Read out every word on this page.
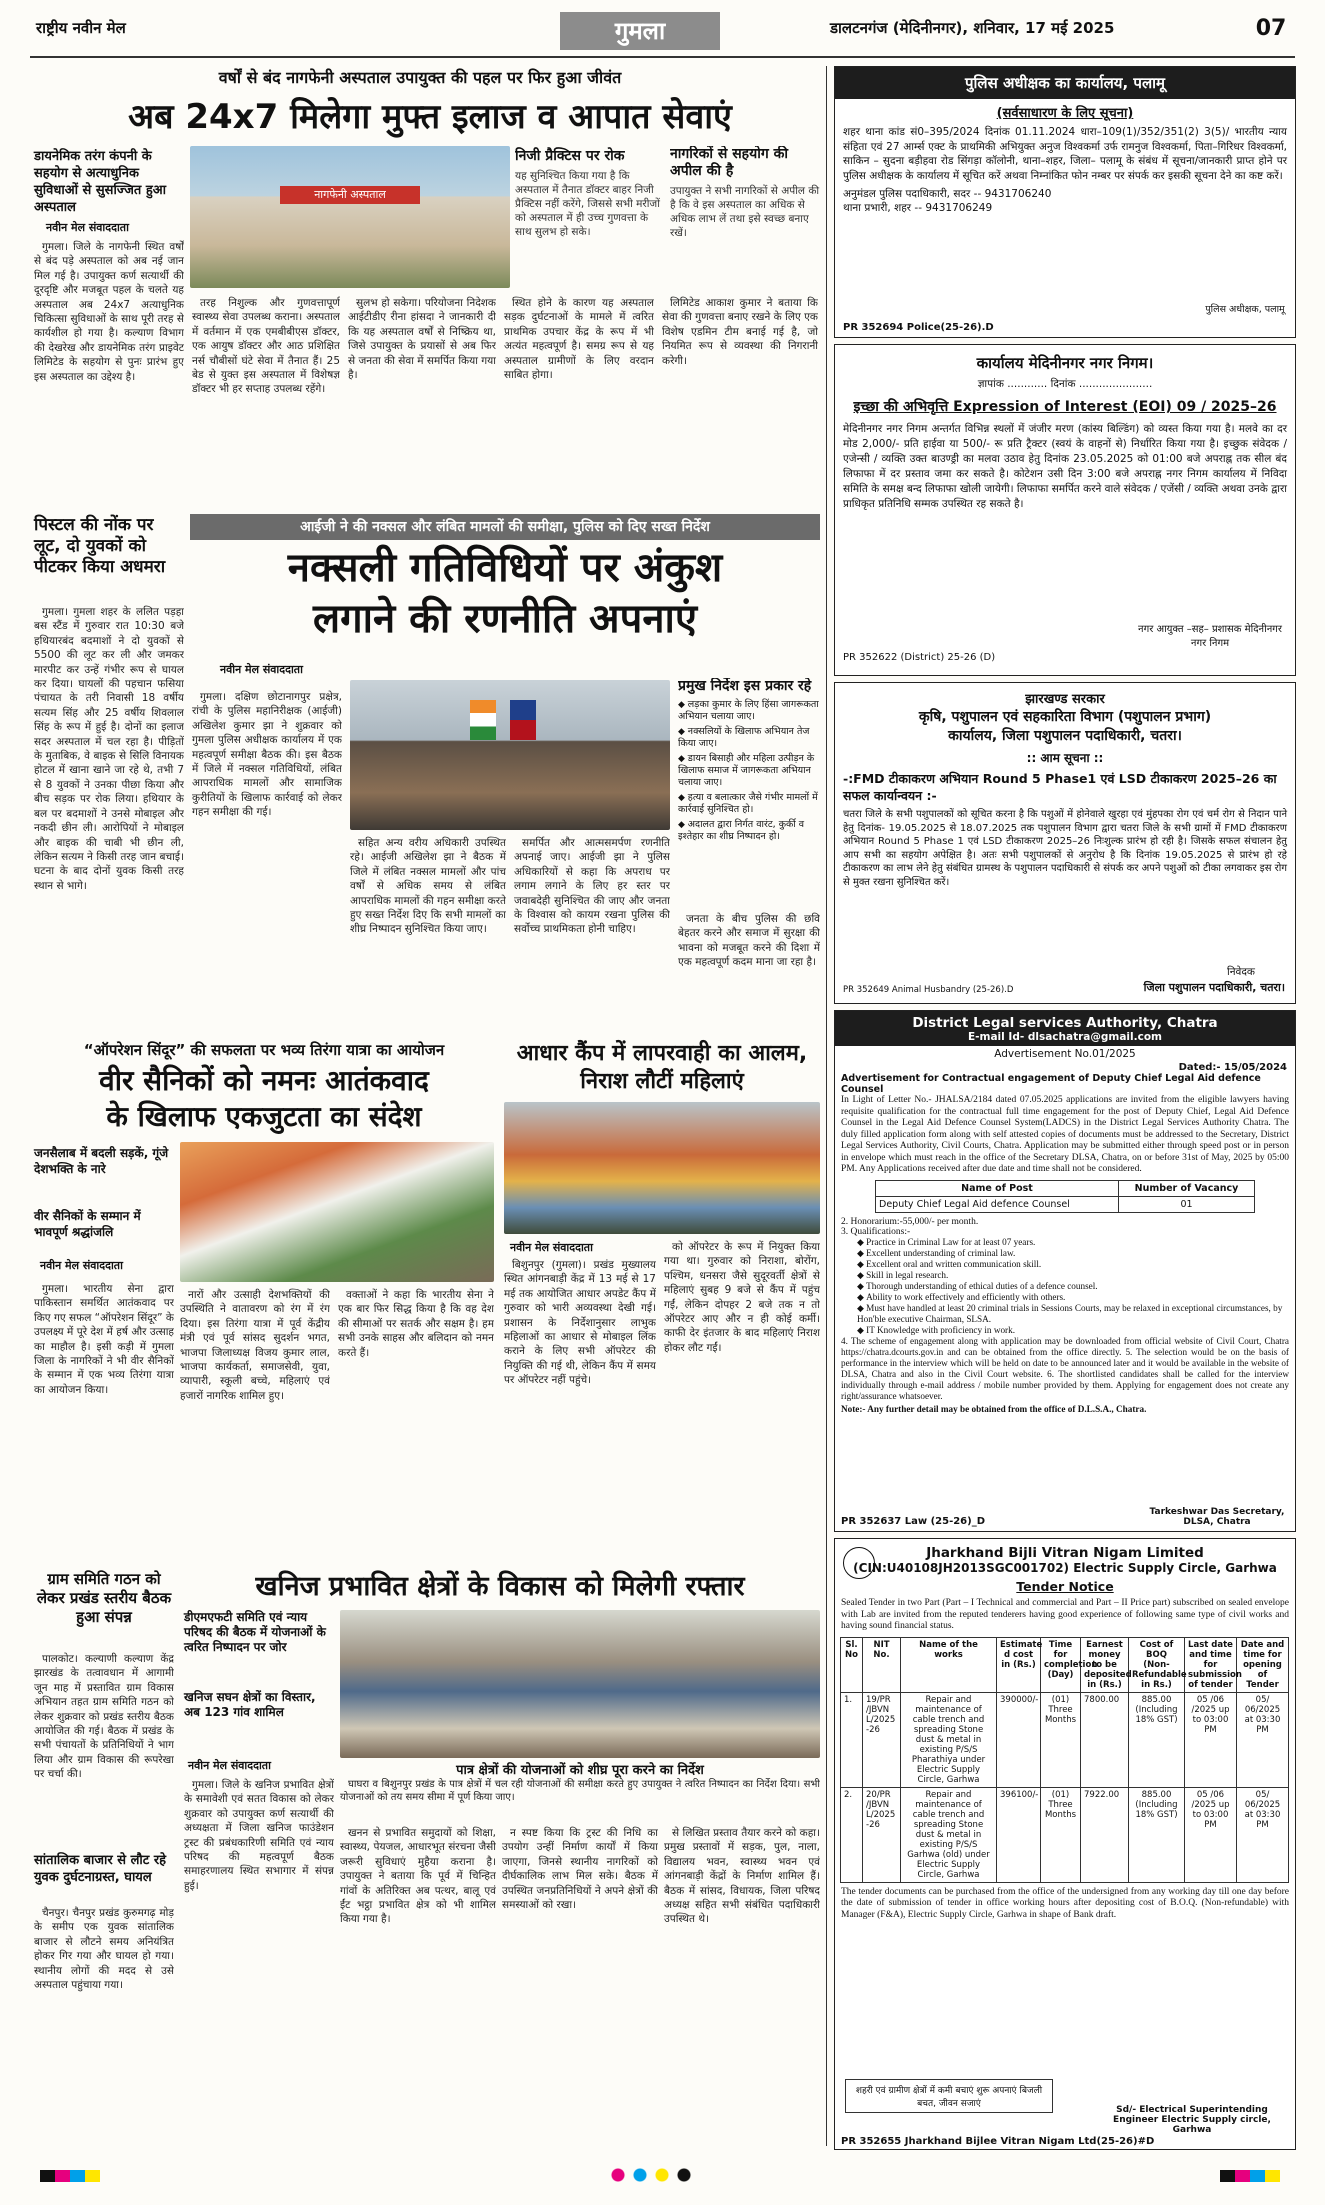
राष्ट्रीय नवीन मेल	गुमला	डालटनगंज (मेदिनीनगर), शनिवार, 17 मई 2025	07
वर्षों से बंद नागफेनी अस्पताल उपायुक्त की पहल पर फिर हुआ जीवंत
अब 24x7 मिलेगा मुफ्त इलाज व आपात सेवाएं
डायनेमिक तरंग कंपनी के सहयोग से अत्याधुनिक सुविधाओं से सुसज्जित हुआ अस्पताल
नवीन मेल संवाददाता
नागफेनी अस्पताल
निजी प्रैक्टिस पर रोक
यह सुनिश्चित किया गया है कि अस्पताल में तैनात डॉक्टर बाहर निजी प्रैक्टिस नहीं करेंगे, जिससे सभी मरीजों को अस्पताल में ही उच्च गुणवत्ता के साथ सुलभ हो सके।
नागरिकों से सहयोग की अपील की है
उपायुक्त ने सभी नागरिकों से अपील की है कि वे इस अस्पताल का अधिक से अधिक लाभ लें तथा इसे स्वच्छ बनाए रखें।

गुमला। जिले के नागफेनी स्थित वर्षों से बंद पड़े अस्पताल को अब नई जान मिल गई है। उपायुक्त कर्ण सत्यार्थी की दूरदृष्टि और मजबूत पहल के चलते यह अस्पताल अब 24x7 अत्याधुनिक चिकित्सा सुविधाओं के साथ पूरी तरह से कार्यशील हो गया है। कल्याण विभाग की देखरेख और डायनेमिक तरंग प्राइवेट लिमिटेड के सहयोग से पुनः प्रारंभ हुए इस अस्पताल का उद्देश्य है।

तरह निशुल्क और गुणवत्तापूर्ण स्वास्थ्य सेवा उपलब्ध कराना। अस्पताल में वर्तमान में एक एमबीबीएस डॉक्टर, एक आयुष डॉक्टर और आठ प्रशिक्षित नर्स चौबीसों घंटे सेवा में तैनात हैं। 25 बेड से युक्त इस अस्पताल में विशेषज्ञ डॉक्टर भी हर सप्ताह उपलब्ध रहेंगे।

सुलभ हो सकेगा। परियोजना निदेशक आईटीडीए रीना हांसदा ने जानकारी दी कि यह अस्पताल वर्षों से निष्क्रिय था, जिसे उपायुक्त के प्रयासों से अब फिर से जनता की सेवा में समर्पित किया गया है।

स्थित होने के कारण यह अस्पताल सड़क दुर्घटनाओं के मामले में त्वरित प्राथमिक उपचार केंद्र के रूप में भी अत्यंत महत्वपूर्ण है। समग्र रूप से यह अस्पताल ग्रामीणों के लिए वरदान साबित होगा।

लिमिटेड आकाश कुमार ने बताया कि सेवा की गुणवत्ता बनाए रखने के लिए एक विशेष एडमिन टीम बनाई गई है, जो नियमित रूप से व्यवस्था की निगरानी करेगी।

पिस्टल की नोंक पर लूट, दो युवकों को पीटकर किया अधमरा

गुमला। गुमला शहर के ललित पड़हा बस स्टैंड में गुरुवार रात 10:30 बजे हथियारबंद बदमाशों ने दो युवकों से 5500 की लूट कर ली और जमकर मारपीट कर उन्हें गंभीर रूप से घायल कर दिया। घायलों की पहचान फसिया पंचायत के तरी निवासी 18 वर्षीय सत्यम सिंह और 25 वर्षीय शिवलाल सिंह के रूप में हुई है। दोनों का इलाज सदर अस्पताल में चल रहा है। पीड़ितों के मुताबिक, वे बाइक से सिलि विनायक होटल में खाना खाने जा रहे थे, तभी 7 से 8 युवकों ने उनका पीछा किया और बीच सड़क पर रोक लिया। हथियार के बल पर बदमाशों ने उनसे मोबाइल और नकदी छीन ली। आरोपियों ने मोबाइल और बाइक की चाबी भी छीन ली, लेकिन सत्यम ने किसी तरह जान बचाई। घटना के बाद दोनों युवक किसी तरह स्थान से भागे।

आईजी ने की नक्सल और लंबित मामलों की समीक्षा, पुलिस को दिए सख्त निर्देश
नक्सली गतिविधियों पर अंकुश
लगाने की रणनीति अपनाएं
नवीन मेल संवाददाता

गुमला। दक्षिण छोटानागपुर प्रक्षेत्र, रांची के पुलिस महानिरीक्षक (आईजी) अखिलेश कुमार झा ने शुक्रवार को गुमला पुलिस अधीक्षक कार्यालय में एक महत्वपूर्ण समीक्षा बैठक की। इस बैठक में जिले में नक्सल गतिविधियों, लंबित आपराधिक मामलों और सामाजिक कुरीतियों के खिलाफ कार्रवाई को लेकर गहन समीक्षा की गई।

सहित अन्य वरीय अधिकारी उपस्थित रहे। आईजी अखिलेश झा ने बैठक में जिले में लंबित नक्सल मामलों और पांच वर्षों से अधिक समय से लंबित आपराधिक मामलों की गहन समीक्षा करते हुए सख्त निर्देश दिए कि सभी मामलों का शीघ्र निष्पादन सुनिश्चित किया जाए।

समर्पित और आत्मसमर्पण रणनीति अपनाई जाए। आईजी झा ने पुलिस अधिकारियों से कहा कि अपराध पर लगाम लगाने के लिए हर स्तर पर जवाबदेही सुनिश्चित की जाए और जनता के विश्वास को कायम रखना पुलिस की सर्वोच्च प्राथमिकता होनी चाहिए।

प्रमुख निर्देश इस प्रकार रहे
◆ लड़का कुमार के लिए हिंसा जागरूकता अभियान चलाया जाए।
◆ नक्सलियों के खिलाफ अभियान तेज किया जाए।
◆ डायन बिसाही और महिला उत्पीड़न के खिलाफ समाज में जागरूकता अभियान चलाया जाए।
◆ हत्या व बलात्कार जैसे गंभीर मामलों में कार्रवाई सुनिश्चित हो।
◆ अदालत द्वारा निर्गत वारंट, कुर्की व इश्तेहार का शीघ्र निष्पादन हो।

जनता के बीच पुलिस की छवि बेहतर करने और समाज में सुरक्षा की भावना को मजबूत करने की दिशा में एक महत्वपूर्ण कदम माना जा रहा है।

“ऑपरेशन सिंदूर” की सफलता पर भव्य तिरंगा यात्रा का आयोजन
वीर सैनिकों को नमनः आतंकवाद
के खिलाफ एकजुटता का संदेश
जनसैलाब में बदली सड़कें, गूंजे देशभक्ति के नारे
वीर सैनिकों के सम्मान में भावपूर्ण श्रद्धांजलि
नवीन मेल संवाददाता

गुमला। भारतीय सेना द्वारा पाकिस्तान समर्थित आतंकवाद पर किए गए सफल “ऑपरेशन सिंदूर” के उपलक्ष्य में पूरे देश में हर्ष और उत्साह का माहौल है। इसी कड़ी में गुमला जिला के नागरिकों ने भी वीर सैनिकों के सम्मान में एक भव्य तिरंगा यात्रा का आयोजन किया।

नारों और उत्साही देशभक्तियों की उपस्थिति ने वातावरण को रंग में रंग दिया। इस तिरंगा यात्रा में पूर्व केंद्रीय मंत्री एवं पूर्व सांसद सुदर्शन भगत, भाजपा जिलाध्यक्ष विजय कुमार लाल, भाजपा कार्यकर्ता, समाजसेवी, युवा, व्यापारी, स्कूली बच्चे, महिलाएं एवं हजारों नागरिक शामिल हुए।

वक्ताओं ने कहा कि भारतीय सेना ने एक बार फिर सिद्ध किया है कि वह देश की सीमाओं पर सतर्क और सक्षम है। हम सभी उनके साहस और बलिदान को नमन करते हैं।

आधार कैंप में लापरवाही का आलम, निराश लौटीं महिलाएं
नवीन मेल संवाददाता

बिशुनपुर (गुमला)। प्रखंड मुख्यालय स्थित आंगनबाड़ी केंद्र में 13 मई से 17 मई तक आयोजित आधार अपडेट कैंप में गुरुवार को भारी अव्यवस्था देखी गई। प्रशासन के निर्देशानुसार लाभुक महिलाओं का आधार से मोबाइल लिंक कराने के लिए सभी ऑपरेटर की नियुक्ति की गई थी, लेकिन कैंप में समय पर ऑपरेटर नहीं पहुंचे।

को ऑपरेटर के रूप में नियुक्त किया गया था। गुरुवार को निराशा, बोरोंग, पश्चिम, धनसरा जैसे सुदूरवर्ती क्षेत्रों से महिलाएं सुबह 9 बजे से कैंप में पहुंच गईं, लेकिन दोपहर 2 बजे तक न तो ऑपरेटर आए और न ही कोई कर्मी। काफी देर इंतजार के बाद महिलाएं निराश होकर लौट गईं।

ग्राम समिति गठन को लेकर प्रखंड स्तरीय बैठक हुआ संपन्न

पालकोट। कल्याणी कल्याण केंद्र झारखंड के तत्वावधान में आगामी जून माह में प्रस्तावित ग्राम विकास अभियान तहत ग्राम समिति गठन को लेकर शुक्रवार को प्रखंड स्तरीय बैठक आयोजित की गई। बैठक में प्रखंड के सभी पंचायतों के प्रतिनिधियों ने भाग लिया और ग्राम विकास की रूपरेखा पर चर्चा की।

सांतालिक बाजार से लौट रहे युवक दुर्घटनाग्रस्त, घायल

चैनपुर। चैनपुर प्रखंड कुरुमगढ़ मोड़ के समीप एक युवक सांतालिक बाजार से लौटने समय अनियंत्रित होकर गिर गया और घायल हो गया। स्थानीय लोगों की मदद से उसे अस्पताल पहुंचाया गया।

खनिज प्रभावित क्षेत्रों के विकास को मिलेगी रफ्तार
डीएमएफटी समिति एवं न्याय परिषद की बैठक में योजनाओं के त्वरित निष्पादन पर जोर
खनिज सघन क्षेत्रों का विस्तार, अब 123 गांव शामिल
नवीन मेल संवाददाता	पात्र क्षेत्रों की योजनाओं को शीघ्र पूरा करने का निर्देश

घाघरा व बिशुनपुर प्रखंड के पात्र क्षेत्रों में चल रही योजनाओं की समीक्षा करते हुए उपायुक्त ने त्वरित निष्पादन का निर्देश दिया। सभी योजनाओं को तय समय सीमा में पूर्ण किया जाए।

गुमला। जिले के खनिज प्रभावित क्षेत्रों के समावेशी एवं सतत विकास को लेकर शुक्रवार को उपायुक्त कर्ण सत्यार्थी की अध्यक्षता में जिला खनिज फाउंडेशन ट्रस्ट की प्रबंधकारिणी समिति एवं न्याय परिषद की महत्वपूर्ण बैठक समाहरणालय स्थित सभागार में संपन्न हुई।

खनन से प्रभावित समुदायों को शिक्षा, स्वास्थ्य, पेयजल, आधारभूत संरचना जैसी जरूरी सुविधाएं मुहैया कराना है। उपायुक्त ने बताया कि पूर्व में चिन्हित गांवों के अतिरिक्त अब पत्थर, बालू एवं ईंट भट्ठा प्रभावित क्षेत्र को भी शामिल किया गया है।

न स्पष्ट किया कि ट्रस्ट की निधि का उपयोग उन्हीं निर्माण कार्यों में किया जाएगा, जिनसे स्थानीय नागरिकों को दीर्घकालिक लाभ मिल सके। बैठक में उपस्थित जनप्रतिनिधियों ने अपने क्षेत्रों की समस्याओं को रखा।

से लिखित प्रस्ताव तैयार करने को कहा। प्रमुख प्रस्तावों में सड़क, पुल, नाला, विद्यालय भवन, स्वास्थ्य भवन एवं आंगनबाड़ी केंद्रों के निर्माण शामिल हैं। बैठक में सांसद, विधायक, जिला परिषद अध्यक्ष सहित सभी संबंधित पदाधिकारी उपस्थित थे।

पुलिस अधीक्षक का कार्यालय, पलामू
(सर्वसाधारण के लिए सूचना)
शहर थाना कांड सं0–395/2024 दिनांक 01.11.2024 धारा–109(1)/352/351(2) 3(5)/ भारतीय न्याय संहिता एवं 27 आर्म्स एक्ट के प्राथमिकी अभियुक्त अनुज विश्वकर्मा उर्फ रामनुज विश्वकर्मा, पिता–गिरिधर विश्वकर्मा, साकिन – सुदना बड़ीहवा रोड सिंगड़ा कॉलोनी, थाना–शहर, जिला– पलामू के संबंध में सूचना/जानकारी प्राप्त होने पर पुलिस अधीक्षक के कार्यालय में सूचित करें अथवा निम्नांकित फोन नम्बर पर संपर्क कर इसकी सूचना देने का कष्ट करें।
अनुमंडल पुलिस पदाधिकारी, सदर -- 9431706240
थाना प्रभारी, शहर -- 9431706249
पुलिस अधीक्षक, पलामू
PR 352694 Police(25-26).D
कार्यालय मेदिनीनगर नगर निगम।
ज्ञापांक ............ दिनांक ......................
इच्छा की अभिवृत्ति Expression of Interest (EOI) 09 / 2025–26
मेदिनीनगर नगर निगम अन्तर्गत विभिन्न स्थलों में जंजीर मरण (कांस्य बिल्डिंग) को व्यस्त किया गया है। मलवे का दर मोड 2,000/- प्रति हाईवा या 500/- रू प्रति ट्रैक्टर (स्वयं के वाहनों से) निर्धारित किया गया है। इच्छुक संवेदक / एजेन्सी / व्यक्ति उक्त बाउण्ड्री का मलवा उठाव हेतु दिनांक 23.05.2025 को 01:00 बजे अपराह्न तक सील बंद लिफाफा में दर प्रस्ताव जमा कर सकते है। कोटेशन उसी दिन 3:00 बजे अपराह्न नगर निगम कार्यालय में निविदा समिति के समक्ष बन्द लिफाफा खोली जायेगी। लिफाफा समर्पित करने वाले संवेदक / एजेंसी / व्यक्ति अथवा उनके द्वारा प्राधिकृत प्रतिनिधि सम्मक उपस्थित रह सकते है।
नगर आयुक्त –सह– प्रशासक मेदिनीनगर नगर निगम
PR 352622 (District) 25-26 (D)
झारखण्ड सरकार
कृषि, पशुपालन एवं सहकारिता विभाग (पशुपालन प्रभाग)
कार्यालय, जिला पशुपालन पदाधिकारी, चतरा।
:: आम सूचना ::
-:FMD टीकाकरण अभियान Round 5 Phase1 एवं LSD टीकाकरण 2025–26 का सफल कार्यान्वयन :-
चतरा जिले के सभी पशुपालकों को सूचित करना है कि पशुओं में होनेवाले खुरहा एवं मुंहपका रोग एवं चर्म रोग से निदान पाने हेतु दिनांक- 19.05.2025 से 18.07.2025 तक पशुपालन विभाग द्वारा चतरा जिले के सभी ग्रामों में FMD टीकाकरण अभियान Round 5 Phase 1 एवं LSD टीकाकरण 2025–26 निःशुल्क प्रारंभ हो रही है। जिसके सफल संचालन हेतु आप सभी का सहयोग अपेक्षित है। अतः सभी पशुपालकों से अनुरोध है कि दिनांक 19.05.2025 से प्रारंभ हो रहे टीकाकरण का लाभ लेने हेतु संबंधित ग्रामस्थ के पशुपालन पदाधिकारी से संपर्क कर अपने पशुओं को टीका लगवाकर इस रोग से मुक्त रखना सुनिश्चित करें।
निवेदक
जिला पशुपालन पदाधिकारी, चतरा।
PR 352649 Animal Husbandry (25-26).D
District Legal services Authority, Chatra
E-mail Id- dlsachatra@gmail.com
Advertisement No.01/2025
Dated:- 15/05/2024
Advertisement for Contractual engagement of Deputy Chief Legal Aid defence Counsel
In Light of Letter No.- JHALSA/2184 dated 07.05.2025 applications are invited from the eligible lawyers having requisite qualification for the contractual full time engagement for the post of Deputy Chief, Legal Aid Defence Counsel in the Legal Aid Defence Counsel System(LADCS) in the District Legal Services Authority Chatra. The duly filled application form along with self attested copies of documents must be addressed to the Secretary, District Legal Services Authority, Civil Courts, Chatra. Application may be submitted either through speed post or in person in envelope which must reach in the office of the Secretary DLSA, Chatra, on or before 31st of May, 2025 by 05:00 PM. Any Applications received after due date and time shall not be considered.
Name of Post	Number of Vacancy
Deputy Chief Legal Aid defence Counsel	01
2. Honorarium:-55,000/- per month.
3. Qualifications:-
◆ Practice in Criminal Law for at least 07 years.
◆ Excellent understanding of criminal law.
◆ Excellent oral and written communication skill.
◆ Skill in legal research.
◆ Thorough understanding of ethical duties of a defence counsel.
◆ Ability to work effectively and efficiently with others.
◆ Must have handled at least 20 criminal trials in Sessions Courts, may be relaxed in exceptional circumstances, by Hon'ble executive Chairman, SLSA.
◆ IT Knowledge with proficiency in work.
4. The scheme of engagement along with application may be downloaded from official website of Civil Court, Chatra https://chatra.dcourts.gov.in and can be obtained from the office directly. 5. The selection would be on the basis of performance in the interview which will be held on date to be announced later and it would be available in the website of DLSA, Chatra and also in the Civil Court website. 6. The shortlisted candidates shall be called for the interview individually through e-mail address / mobile number provided by them. Applying for engagement does not create any right/assurance whatsoever.
Note:- Any further detail may be obtained from the office of D.L.S.A., Chatra.
Tarkeshwar Das Secretary, DLSA, Chatra
PR 352637 Law (25-26)_D
Jharkhand Bijli Vitran Nigam Limited
(CIN:U40108JH2013SGC001702) Electric Supply Circle, Garhwa
Tender Notice
Sealed Tender in two Part (Part – I Technical and commercial and Part – II Price part) subscribed on sealed envelope with Lab are invited from the reputed tenderers having good experience of following same type of civil works and having sound financial status.
Sl. No	NIT No.	Name of the works	Estimate d cost in (Rs.)	Time for completion (Day)	Earnest money to be deposited in (Rs.)	Cost of BOQ (Non-Refundable in Rs.)	Last date and time for submission of tender	Date and time for opening of Tender
1.	19/PR /JBVN L/2025 -26	Repair and maintenance of cable trench and spreading Stone dust & metal in existing P/S/S Pharathiya under Electric Supply Circle, Garhwa	390000/-	(01) Three Months	7800.00	885.00 (Including 18% GST)	05 /06 /2025 up to 03:00 PM	05/ 06/2025 at 03:30 PM
2.	20/PR /JBVN L/2025 -26	Repair and maintenance of cable trench and spreading Stone dust & metal in existing P/S/S Garhwa (old) under Electric Supply Circle, Garhwa	396100/-	(01) Three Months	7922.00	885.00 (Including 18% GST)	05 /06 /2025 up to 03:00 PM	05/ 06/2025 at 03:30 PM
The tender documents can be purchased from the office of the undersigned from any working day till one day before the date of submission of tender in office working hours after depositing cost of B.O.Q. (Non-refundable) with Manager (F&A), Electric Supply Circle, Garhwa in shape of Bank draft.
शहरी एवं ग्रामीण क्षेत्रों में कमी बचाएं शुरू अपनाएं बिजली बचत, जीवन सजाएं
Sd/- Electrical Superintending Engineer Electric Supply circle, Garhwa
PR 352655 Jharkhand Bijlee Vitran Nigam Ltd(25-26)#D
